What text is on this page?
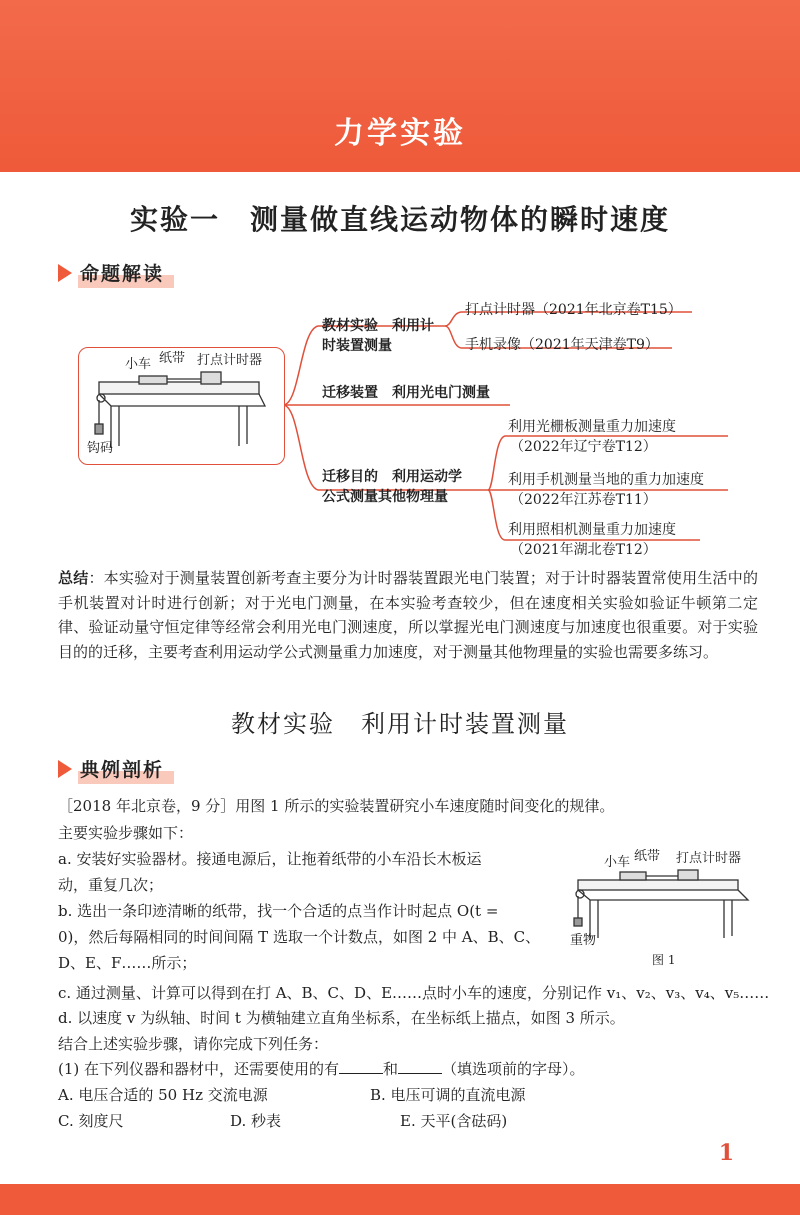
力学实验
实验一　测量做直线运动物体的瞬时速度
命题解读
小车 纸带 打点计时器
钩码
教材实验　利用计
时装置测量
打点计时器（2021年北京卷T15）
手机录像（2021年天津卷T9）
迁移装置　利用光电门测量
迁移目的　利用运动学
公式测量其他物理量
利用光栅板测量重力加速度
（2022年辽宁卷T12）
利用手机测量当地的重力加速度
（2022年江苏卷T11）
利用照相机测量重力加速度
（2021年湖北卷T12）
总结：本实验对于测量装置创新考查主要分为计时器装置跟光电门装置；对于计时器装置常使用生活中的手机装置对计时进行创新；对于光电门测量，在本实验考查较少，但在速度相关实验如验证牛顿第二定律、验证动量守恒定律等经常会利用光电门测速度，所以掌握光电门测速度与加速度也很重要。对于实验目的的迁移，主要考查利用运动学公式测量重力加速度，对于测量其他物理量的实验也需要多练习。
教材实验　利用计时装置测量
典例剖析
［2018 年北京卷，9 分］用图 1 所示的实验装置研究小车速度随时间变化的规律。
主要实验步骤如下：
a. 安装好实验器材。接通电源后，让拖着纸带的小车沿长木板运
动，重复几次；
b. 选出一条印迹清晰的纸带，找一个合适的点当作计时起点 O(t =
0)，然后每隔相同的时间间隔 T 选取一个计数点，如图 2 中 A、B、C、
D、E、F……所示；
小车 纸带 打点计时器
重物
图 1
c. 通过测量、计算可以得到在打 A、B、C、D、E……点时小车的速度，分别记作 v₁、v₂、v₃、v₄、v₅……
d. 以速度 v 为纵轴、时间 t 为横轴建立直角坐标系，在坐标纸上描点，如图 3 所示。
结合上述实验步骤，请你完成下列任务：
(1) 在下列仪器和器材中，还需要使用的有	和	（填选项前的字母）。
A. 电压合适的 50 Hz 交流电源	B. 电压可调的直流电源
C. 刻度尺	D. 秒表	E. 天平(含砝码)
1
